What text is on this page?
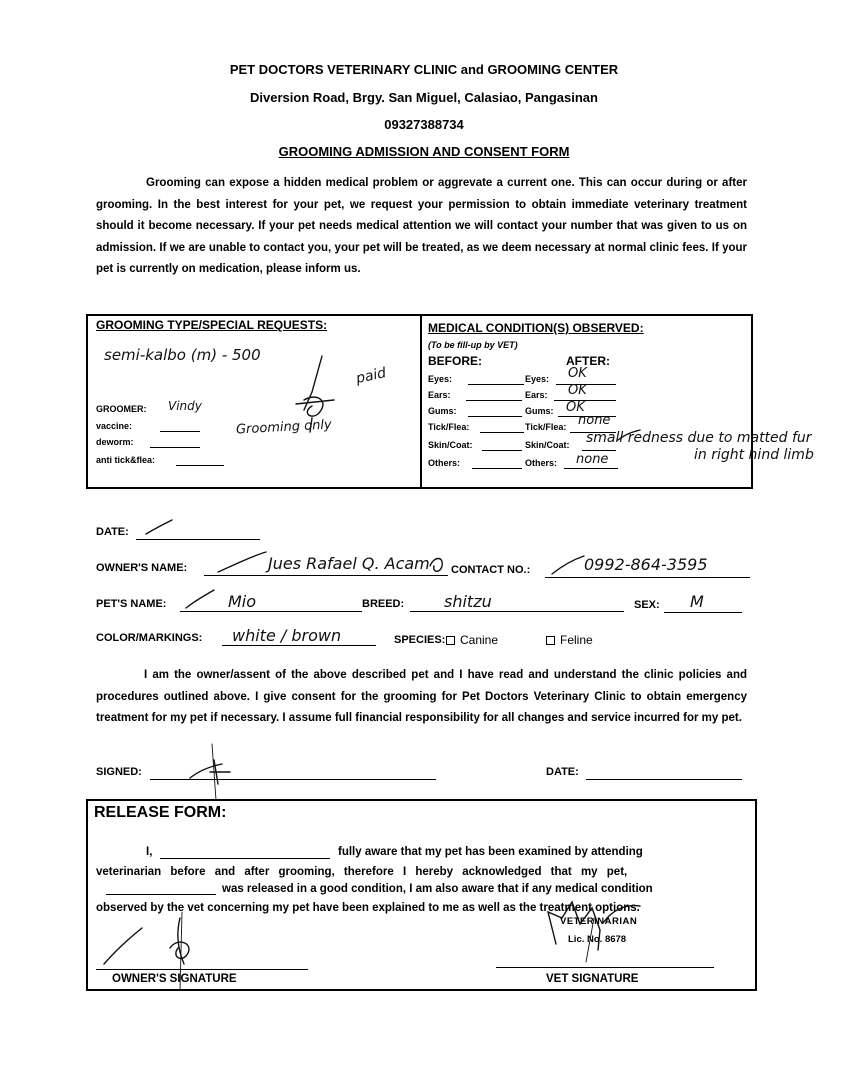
PET DOCTORS VETERINARY CLINIC and GROOMING CENTER
Diversion Road, Brgy. San Miguel, Calasiao, Pangasinan
09327388734
GROOMING ADMISSION AND CONSENT FORM
Grooming can expose a hidden medical problem or aggrevate a current one. This can occur during or after grooming. In the best interest for your pet, we request your permission to obtain immediate veterinary treatment should it become necessary. If your pet needs medical attention we will contact your number that was given to us on admission. If we are unable to contact you, your pet will be treated, as we deem necessary at normal clinic fees. If your pet is currently on medication, please inform us.
GROOMING TYPE/SPECIAL REQUESTS:
semi-kalbo (m) - 500
paid
Grooming only
GROOMER: Vindy
vaccine:
deworm:
anti tick&flea:
MEDICAL CONDITION(S) OBSERVED:
(To be fill-up by VET)
BEFORE:	AFTER:
Eyes:	Eyes: OK
Ears:	Ears: OK
Gums:	Gums: OK
Tick/Flea:	Tick/Flea: none
Skin/Coat:	Skin/Coat: small redness due to matted fur
in right hind limb
Others:	Others: none
DATE:
OWNER'S NAME:	Jues Rafael Q. Acam CONTACT NO.:	0992-864-3595
PET'S NAME:	Mio	BREED: shitzu	SEX: M
COLOR/MARKINGS: white / brown	SPECIES: Canine	Feline
I am the owner/assent of the above described pet and I have read and understand the clinic policies and procedures outlined above. I give consent for the grooming for Pet Doctors Veterinary Clinic to obtain emergency treatment for my pet if necessary. I assume full financial responsibility for all changes and service incurred for my pet.
SIGNED:	DATE:
RELEASE FORM:
I,	fully aware that my pet has been examined by attending
veterinarian before and after grooming, therefore I hereby acknowledged that my pet,
was released in a good condition, I am also aware that if any medical condition
observed by the vet concerning my pet have been explained to me as well as the treatment options.
VETERINARIAN
Lic. No. 8678
OWNER'S SIGNATURE	VET SIGNATURE
